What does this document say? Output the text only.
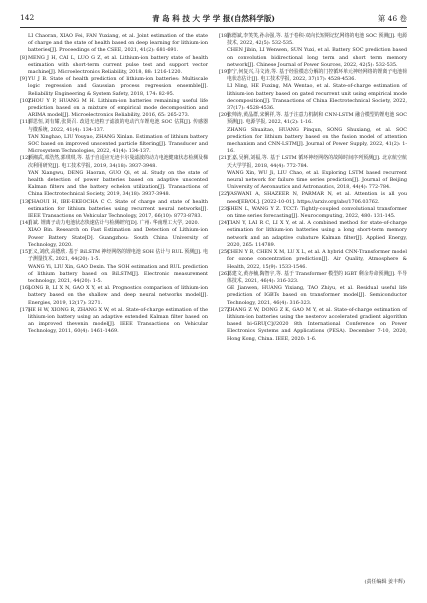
142	青 岛 科 技 大 学 学 报(自然科学版)	第 46 卷

LI Chaoran, XIAO Fei, FAN Yuxiang, et al. Joint estimation of the state of charge and the state of health based on deep learning for lithium-ion batteries[J]. Proceedings of the CSEE, 2021, 41(2): 681-691.

[8] MENG J H, CAI L, LUO G Z, et al. Lithium-ion battery state of health estimation with short-term current pulse test and support vector machine[J]. Microelectronics Reliability, 2018, 88: 1216-1220.

[9] YU J B. State of health prediction of lithium-ion batteries: Multiscale logic regression and Gaussian process regression ensemble[J]. Reliability Engineering & System Safety, 2018, 174: 82-95.

[10]
ZHOU Y P, HUANG M H. Lithium-ion batteries remaining useful life prediction based on a mixture of empirical mode decomposition and ARIMA model[J]. Microelectronics Reliability, 2016, 65: 265-273.

[11]
谭思恒,刘有耀,张贤召. 改进无迹粒子滤波的电动汽车锂电池 SOC 估算[J]. 传感器与微系统, 2022, 41(4): 134-137.

TAN Xinghao, LIU Youyao, ZHANG Xinlan. Estimation of lithium battery SOC based on improved unscented particle filtering[J]. Transducer and Microsystem Technologies, 2022, 41(4): 134-137.

[12]
颜湘武,邓浩然,郭琪琪,等. 基于自适应无迹卡尔曼滤波的动力电池健康状态检测及梯次利用研究[J]. 电工技术学报, 2019, 34(18): 3937-3948.

YAN Xiangwu, DENG Haoran, GUO Qi, et al. Study on the state of health detection of power batteries based on adaptive unscented Kalman filters and the battery echelon utilization[J]. Transactions of China Electrotechnical Society, 2019, 34(18): 3937-3948.

[13]
CHAOUI H, IBE-EKEOCHA C C. State of charge and state of health estimation for lithium batteries using recurrent neural networks[J]. IEEE Transactions on Vehicular Technology, 2017, 66(10): 8773-8783.

[14]
肖斌. 锂离子动力电池状态快速估计与检测研究[D]. 广州: 华南理工大学, 2020.

XIAO Bin. Research on Fast Estimation and Detection of Lithium-ion Power Battery State[D]. Guangzhou: South China University of Technology, 2020.

[15]
王义,刘欣,高德欣. 基于 BiLSTM 神经网络的锂电池 SOH 估计与 RUL 预测[J]. 电子测量技术, 2021, 44(20): 1-5.

WANG Yi, LIU Xin, GAO Dexin. The SOH estimation and RUL prediction of lithium battery based on BiLSTM[J]. Electronic measurement technology, 2021, 44(20): 1-5.

[16]
LONG B, LI X N, GAO X Y, et al. Prognostics comparison of lithium-ion battery based on the shallow and deep neural networks model[J]. Energies, 2019, 12(17): 3271.

[17]
HE H W, XIONG R, ZHANG X W, et al. State-of-charge estimation of the lithium-ion battery using an adaptive extended Kalman filter based on an improved thevenin model[J]. IEEE Transactions on Vehicular Technology, 2011, 60(4): 1461-1469.

[18]
陈德斌,李笑笑,孙余强,等. 基于卷积-双向长短期记忆网络的电池 SOC 预测[J]. 电源技术, 2022, 42(5): 532-535.

CHEN Jibin, LI Wenwen, SUN Yuxi, et al. Battery SOC prediction based on convolution bidirectional long term and short term memory network[J]. Chinese Journal of Power Sources, 2022, 42(5): 532-535.

[19]
李宁,何复兴,马文涛,等. 基于经验模态分解的门控循环单元神经网络的锂离子电池荷电状态估计[J]. 电工技术学报, 2022, 37(17): 4528-4536.

LI Ning, HE Fuxing, MA Wentao, et al. State-of-charge estimation of lithium-ion battery based on gated recurrent unit using empirical mode decomposition[J]. Transactions of China Electrotechnical Society, 2022, 37(17): 4528-4536.

[20]
张帅涛,黄晶群,宋俐祥,等. 基于注意力机制和 CNN-LSTM 融合模型的锂电池 SOC 预测[J]. 电源学报, 2022, 41(2): 1-16.

ZHANG Shuaitao, HUANG Pinqun, SONG Shuxiang, et al. SOC prediction for lithium battery based on the fusion model of attention mechanism and CNN-LSTM[J]. Journal of Power Supply, 2022, 41(2): 1-16.

[21]
王嘉,吴俐,刘福,等. 基于 LSTM 循环神经网络的故障时间序列预测[J]. 北京航空航天大学学报, 2018, 44(4): 772-784.

WANG Xin, WU Ji, LIU Chao, et al. Exploring LSTM based recurrent neural network for failure time series prediction[J]. Journal of Beijing University of Aeronautics and Astronautics, 2018, 44(4): 772-784.

[22]
VASWANI A, SHAZEER N, PARMAR N, et al. Attention is all you need[EB/OL]. [2022-10-01]. https://arxiv.org/abs/1706.03762.

[23]
SHEN L, WANG Y Z. TCCT: Tightly-coupled convolutional transformer on time series forecasting[J]. Neurocomputing, 2022, 480: 131-145.

[24]
TIAN Y, LAI R C, LI X Y, et al. A combined method for state-of-charge estimation for lithium-ion batteries using a long short-term memory network and an adaptive cubature Kalman filter[J]. Applied Energy, 2020, 265: 114789.

[25]
CHEN Y B, CHEN X M, LU X L, et al. A hybrid CNN-Transformer model for ozone concentration prediction[J]. Air Quality, Atmosphere & Health, 2022, 15(9): 1533-1546.

[26]
葛建文,黄亦楠,陶智宇,等. 基于 Transformer 模型的 IGBT 剩余寿命预测[J]. 半导体技术, 2021, 46(4): 316-323.

GE Jianwen, HUANG Yixiang, TAO Zhiyu, et al. Residual useful life prediction of IGBTs based on transformer model[J]. Semiconductor Technology, 2021, 46(4): 316-323.

[27]
ZHANG Z W, DONG Z K, GAO M Y, et al. State-of-charge estimation of lithium-ion batteries using the nesterov accelerated gradient algorithm based bi-GRU[C]//2020 8th International Conference on Power Electronics Systems and Applications (PESA). December 7-10, 2020, Hong Kong, China. IEEE, 2020: 1-6.

(责任编辑 姜丰辉)
